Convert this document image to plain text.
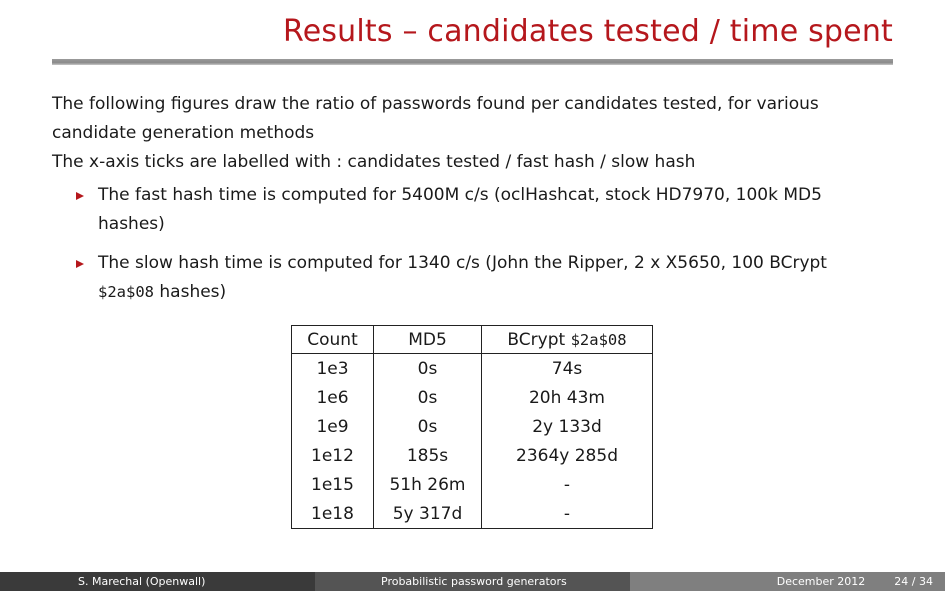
Results – candidates tested / time spent

The following figures draw the ratio of passwords found per candidates tested, for various candidate generation methods

The x-axis ticks are labelled with : candidates tested / fast hash / slow hash

The fast hash time is computed for 5400M c/s (oclHashcat, stock HD7970, 100k MD5 hashes)
The slow hash time is computed for 1340 c/s (John the Ripper, 2 x X5650, 100 BCrypt $2a$08 hashes)
Count	MD5	BCrypt $2a$08
1e3	0s	74s
1e6	0s	20h 43m
1e9	0s	2y 133d
1e12	185s	2364y 285d
1e15	51h 26m	-
1e18	5y 317d	-
S. Marechal (Openwall)	Probabilistic password generators	December 2012	24 / 34
